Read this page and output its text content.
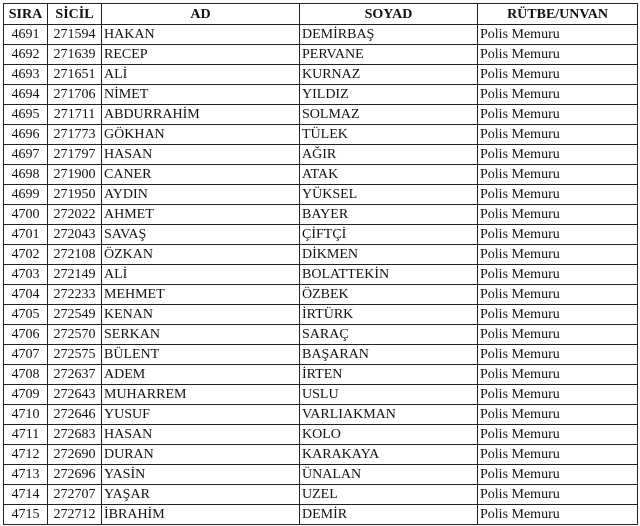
SIRA	SİCİL	AD	SOYAD	RÜTBE/UNVAN
4691	271594	HAKAN	DEMİRBAŞ	Polis Memuru
4692	271639	RECEP	PERVANE	Polis Memuru
4693	271651	ALİ	KURNAZ	Polis Memuru
4694	271706	NİMET	YILDIZ	Polis Memuru
4695	271711	ABDURRAHİM	SOLMAZ	Polis Memuru
4696	271773	GÖKHAN	TÜLEK	Polis Memuru
4697	271797	HASAN	AĞIR	Polis Memuru
4698	271900	CANER	ATAK	Polis Memuru
4699	271950	AYDIN	YÜKSEL	Polis Memuru
4700	272022	AHMET	BAYER	Polis Memuru
4701	272043	SAVAŞ	ÇİFTÇİ	Polis Memuru
4702	272108	ÖZKAN	DİKMEN	Polis Memuru
4703	272149	ALİ	BOLATTEKİN	Polis Memuru
4704	272233	MEHMET	ÖZBEK	Polis Memuru
4705	272549	KENAN	İRTÜRK	Polis Memuru
4706	272570	SERKAN	SARAÇ	Polis Memuru
4707	272575	BÜLENT	BAŞARAN	Polis Memuru
4708	272637	ADEM	İRTEN	Polis Memuru
4709	272643	MUHARREM	USLU	Polis Memuru
4710	272646	YUSUF	VARLIAKMAN	Polis Memuru
4711	272683	HASAN	KOLO	Polis Memuru
4712	272690	DURAN	KARAKAYA	Polis Memuru
4713	272696	YASİN	ÜNALAN	Polis Memuru
4714	272707	YAŞAR	UZEL	Polis Memuru
4715	272712	İBRAHİM	DEMİR	Polis Memuru
